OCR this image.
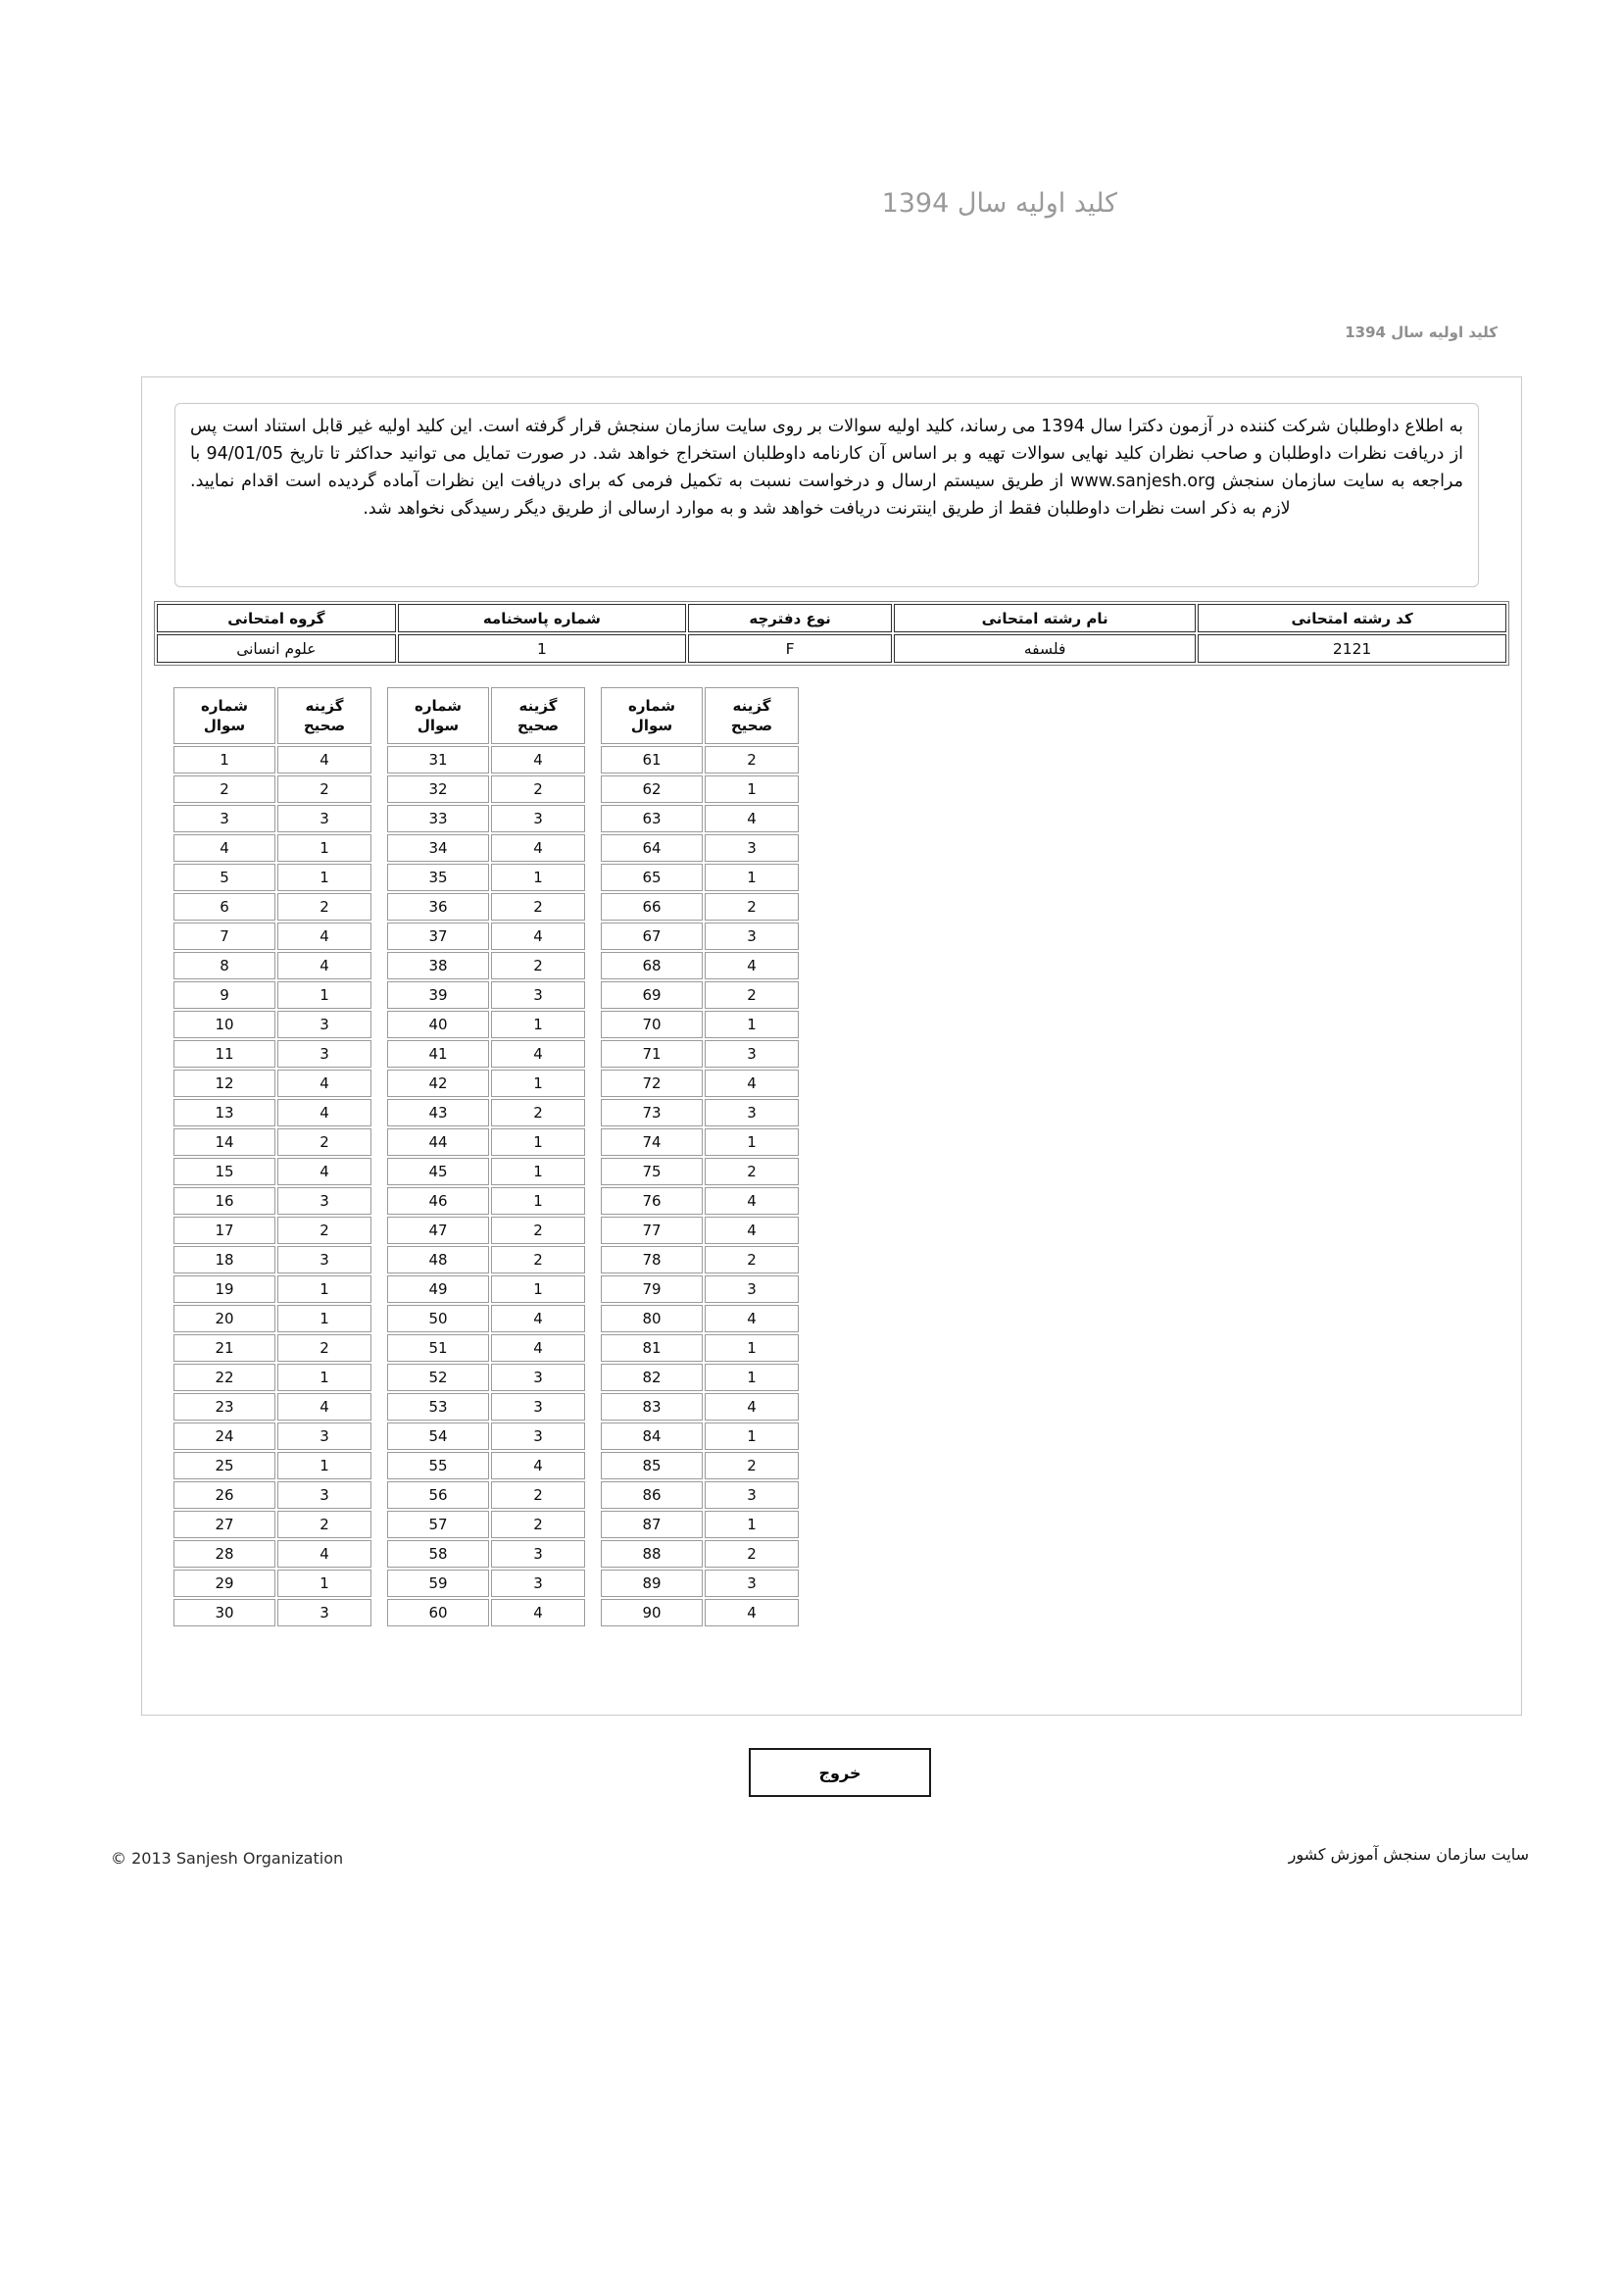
کلید اولیه سال 1394
کلید اولیه سال 1394
به اطلاع داوطلبان شرکت کننده در آزمون دکترا سال 1394 می رساند، کلید اولیه سوالات بر روی سایت سازمان سنجش قرار گرفته است. این کلید اولیه غیر قابل استناد است پس از دریافت نظرات داوطلبان و صاحب نظران کلید نهایی سوالات تهیه و بر اساس آن کارنامه داوطلبان استخراج خواهد شد. در صورت تمایل می توانید حداکثر تا تاریخ 94/01/05 با مراجعه به سایت سازمان سنجش www.sanjesh.org از طریق سیستم ارسال و درخواست نسبت به تکمیل فرمی که برای دریافت این نظرات آماده گردیده است اقدام نمایید. لازم به ذکر است نظرات داوطلبان فقط از طریق اینترنت دریافت خواهد شد و به موارد ارسالی از طریق دیگر رسیدگی نخواهد شد.
کد رشته امتحانی	نام رشته امتحانی	نوع دفترچه	شماره پاسخنامه	گروه امتحانی
2121	فلسفه	F	1	علوم انسانی
شماره سوال	گزینه صحیح
1	4
2	2
3	3
4	1
5	1
6	2
7	4
8	4
9	1
10	3
11	3
12	4
13	4
14	2
15	4
16	3
17	2
18	3
19	1
20	1
21	2
22	1
23	4
24	3
25	1
26	3
27	2
28	4
29	1
30	3
شماره سوال	گزینه صحیح
31	4
32	2
33	3
34	4
35	1
36	2
37	4
38	2
39	3
40	1
41	4
42	1
43	2
44	1
45	1
46	1
47	2
48	2
49	1
50	4
51	4
52	3
53	3
54	3
55	4
56	2
57	2
58	3
59	3
60	4
شماره سوال	گزینه صحیح
61	2
62	1
63	4
64	3
65	1
66	2
67	3
68	4
69	2
70	1
71	3
72	4
73	3
74	1
75	2
76	4
77	4
78	2
79	3
80	4
81	1
82	1
83	4
84	1
85	2
86	3
87	1
88	2
89	3
90	4
خروج
© 2013 Sanjesh Organization	سایت سازمان سنجش آموزش کشور
